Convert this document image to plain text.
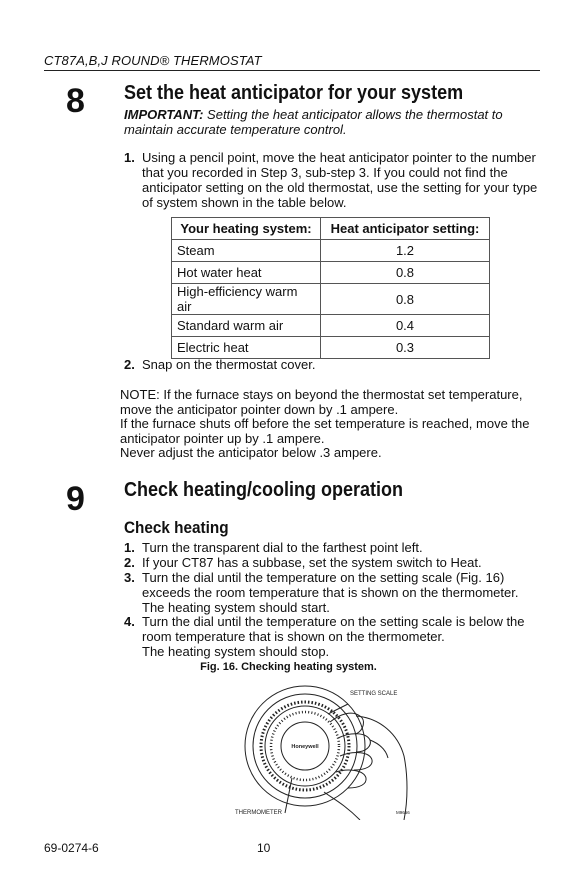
CT87A,B,J ROUND® THERMOSTAT
8 Set the heat anticipator for your system
IMPORTANT: Setting the heat anticipator allows the thermostat to maintain accurate temperature control.
1. Using a pencil point, move the heat anticipator pointer to the number that you recorded in Step 3, sub-step 3. If you could not find the anticipator setting on the old thermostat, use the setting for your type of system shown in the table below.
Your heating system:	Heat anticipator setting:
Steam	1.2
Hot water heat	0.8
High-efficiency warm air	0.8
Standard warm air	0.4
Electric heat	0.3
2. Snap on the thermostat cover.
NOTE: If the furnace stays on beyond the thermostat set temperature,
move the anticipator pointer down by .1 ampere.
If the furnace shuts off before the set temperature is reached, move the
anticipator pointer up by .1 ampere.
Never adjust the anticipator below .3 ampere.
9 Check heating/cooling operation
Check heating
1. Turn the transparent dial to the farthest point left.
2. If your CT87 has a subbase, set the system switch to Heat.
3. Turn the dial until the temperature on the setting scale (Fig. 16)
exceeds the room temperature that is shown on the thermometer.
The heating system should start.
4. Turn the dial until the temperature on the setting scale is below the
room temperature that is shown on the thermometer.
The heating system should stop.
Fig. 16. Checking heating system.
SETTING SCALE
THERMOMETER
Honeywell
M9656
69-0274-6	10
